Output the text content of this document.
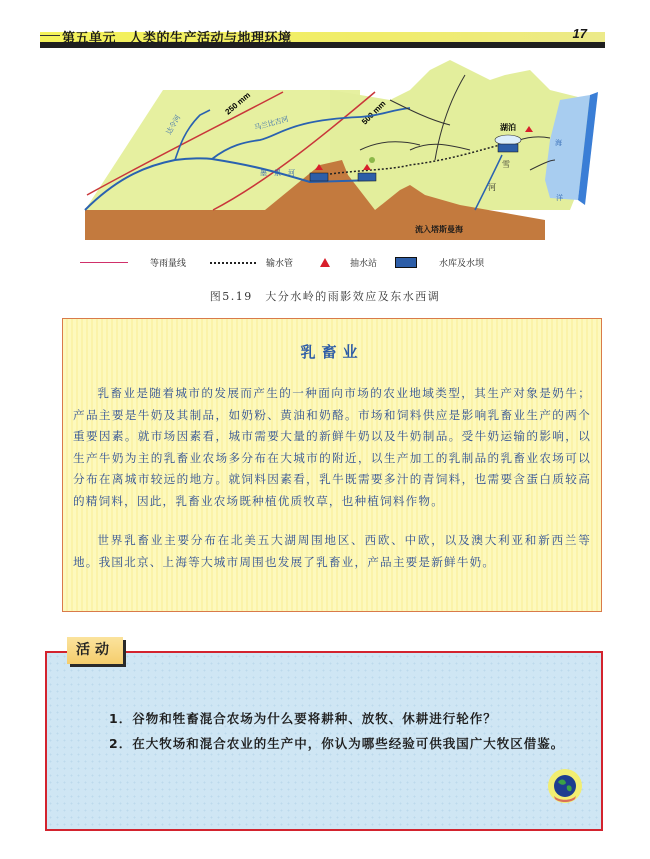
第五单元　人类的生产活动与地理环境	17
250 mm	500 mm
达令河	马兰比吉河
墨　累　河
湖泊
雪
河
流入塔斯曼海
海
洋
等雨量线	输水管	抽水站	水库及水坝
图5.19　大分水岭的雨影效应及东水西调
乳畜业
乳畜业是随着城市的发展而产生的一种面向市场的农业地域类型，其生产对象是奶牛；产品主要是牛奶及其制品，如奶粉、黄油和奶酪。市场和饲料供应是影响乳畜业生产的两个重要因素。就市场因素看，城市需要大量的新鲜牛奶以及牛奶制品。受牛奶运输的影响，以生产牛奶为主的乳畜业农场多分布在大城市的附近，以生产加工的乳制品的乳畜业农场可以分布在离城市较远的地方。就饲料因素看，乳牛既需要多汁的青饲料，也需要含蛋白质较高的精饲料，因此，乳畜业农场既种植优质牧草，也种植饲料作物。
世界乳畜业主要分布在北美五大湖周围地区、西欧、中欧，以及澳大利亚和新西兰等地。我国北京、上海等大城市周围也发展了乳畜业，产品主要是新鲜牛奶。
活动
1．谷物和牲畜混合农场为什么要将耕种、放牧、休耕进行轮作？
2．在大牧场和混合农业的生产中，你认为哪些经验可供我国广大牧区借鉴。
